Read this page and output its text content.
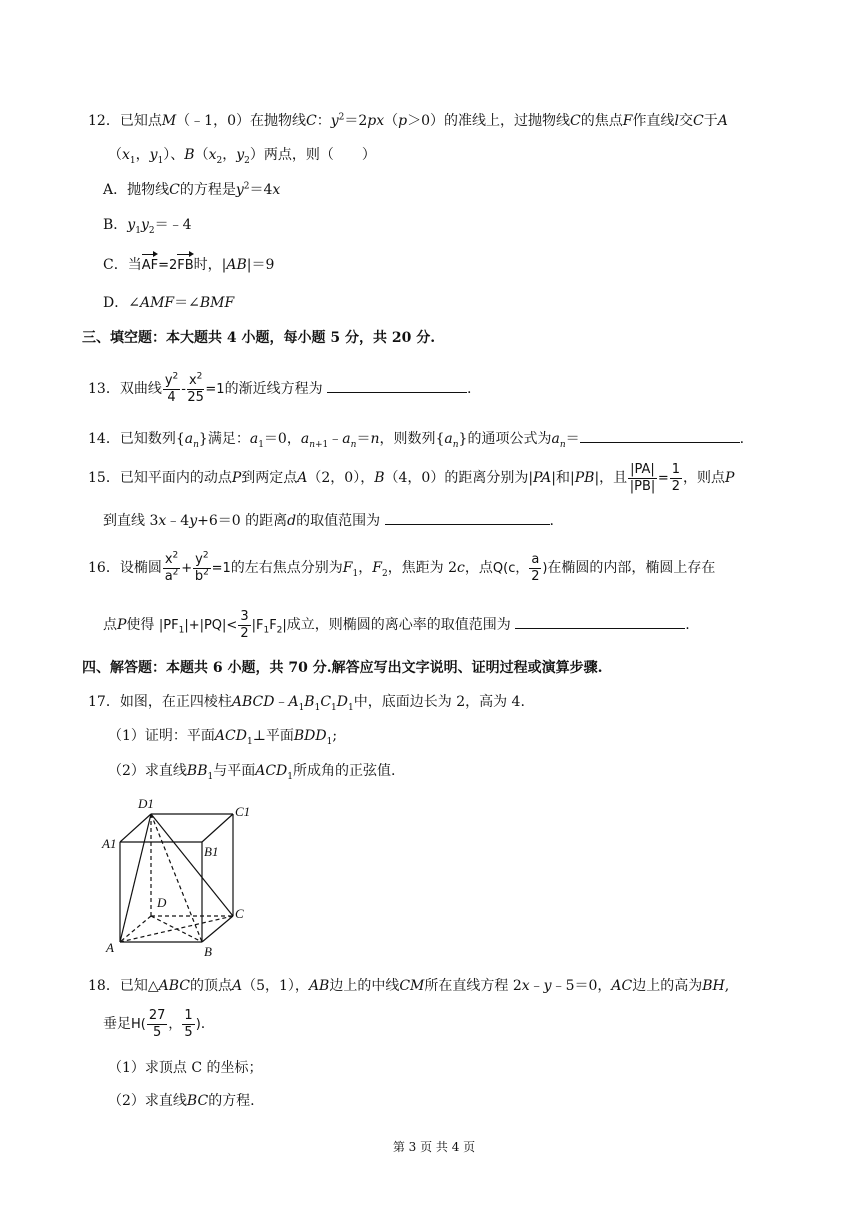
12．已知点M（﹣1，0）在抛物线C：$y^2=2px(p>0)$的准线上，过抛物线C的焦点F作直线l交C于A
（$x_1$，$y_1$）、$B(x_2$，$y_2$）两点，则（　　）
A．抛物线C的方程是$y^2=4x$
B．$y_1y_2=﹣4$
C．当AF=2FB时，|AB|＝9
D．∠AMF＝∠BMF
三、填空题：本大题共 4 小题，每小题 5 分，共 20 分.
13．双曲线 $\frac{y^2}{4} - \frac{x^2}{25} =1$的渐近线方程为	.
14．已知数列$\{a_n\}$满足：$a_1=0$，$a_{n+1}﹣a_n=n$，则数列$\{a_n\}$的通项公式为$a_n=$	.
15．已知平面内的动点P到两定点A（2，0），B（4，0）的距离分别为|PA|和|PB|，且 $\frac{|PA|}{|PB|} = \frac{1}{2}$ ，则点P
到直线 3x﹣4y+6＝0 的距离d的取值范围为	.
16．设椭圆 $\frac{x^2}{a^2} + \frac{y^2}{b^2} =1$的左右焦点分别为$F_1$，$F_2$，焦距为 2c，点Q(c， $\frac{a}{2}$ )在椭圆的内部，椭圆上存在
点P使得 $|PF_1|+|PQ|< \frac{3}{2} |F_1F_2|$成立，则椭圆的离心率的取值范围为	.
四、解答题：本题共 6 小题，共 70 分.解答应写出文字说明、证明过程或演算步骤.
17．如图，在正四棱柱$ABCD﹣A_1B_1C_1D_1$中，底面边长为 2，高为 4.
（1）证明：平面$ACD_1\perp$平面$BDD_1$;
（2）求直线$BB_1$与平面$ACD_1$所成角的正弦值.
D1
C1
A1
B1
D
C
A	B
18．已知△ABC的顶点A（5，1），AB边上的中线CM所在直线方程 2x﹣y﹣5＝0，AC边上的高为BH,
垂足$H( \frac{27}{5}$ ， $\frac{1}{5}$ ).
（1）求顶点 C 的坐标；
（2）求直线BC的方程.
第 3 页 共 4 页
